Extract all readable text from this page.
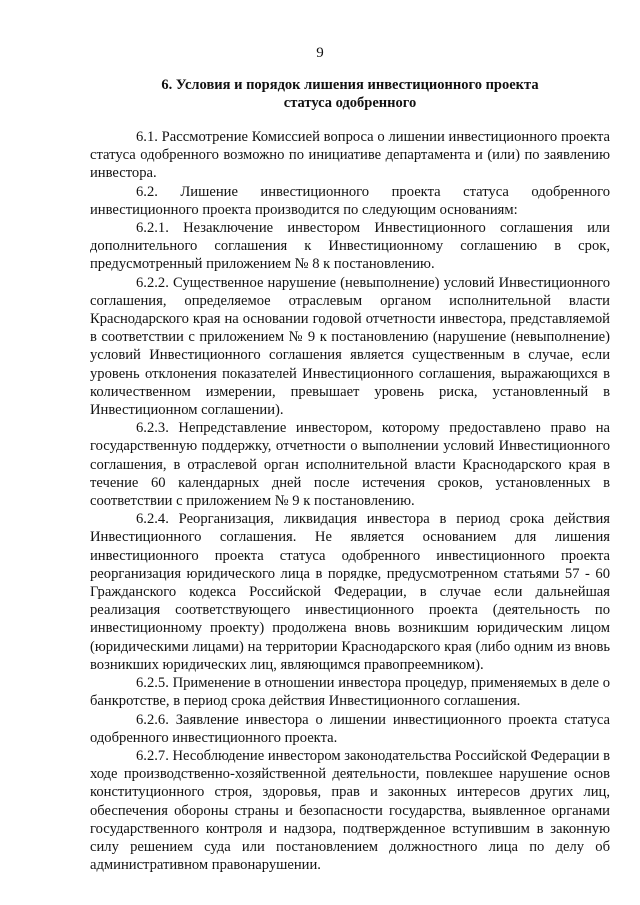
9
6. Условия и порядок лишения инвестиционного проекта
статуса одобренного

6.1. Рассмотрение Комиссией вопроса о лишении инвестиционного проекта статуса одобренного возможно по инициативе департамента и (или) по заявлению инвестора.

6.2. Лишение инвестиционного проекта статуса одобренного инвестиционного проекта производится по следующим основаниям:

6.2.1. Незаключение инвестором Инвестиционного соглашения или дополнительного соглашения к Инвестиционному соглашению в срок, предусмотренный приложением № 8 к постановлению.

6.2.2. Существенное нарушение (невыполнение) условий Инвестиционного соглашения, определяемое отраслевым органом исполнительной власти Краснодарского края на основании годовой отчетности инвестора, представляемой в соответствии с приложением № 9 к постановлению (нарушение (невыполнение) условий Инвестиционного соглашения является существенным в случае, если уровень отклонения показателей Инвестиционного соглашения, выражающихся в количественном измерении, превышает уровень риска, установленный в Инвестиционном соглашении).

6.2.3. Непредставление инвестором, которому предоставлено право на государственную поддержку, отчетности о выполнении условий Инвестиционного соглашения, в отраслевой орган исполнительной власти Краснодарского края в течение 60 календарных дней после истечения сроков, установленных в соответствии с приложением № 9 к постановлению.

6.2.4. Реорганизация, ликвидация инвестора в период срока действия Инвестиционного соглашения. Не является основанием для лишения инвестиционного проекта статуса одобренного инвестиционного проекта реорганизация юридического лица в порядке, предусмотренном статьями 57 - 60 Гражданского кодекса Российской Федерации, в случае если дальнейшая реализация соответствующего инвестиционного проекта (деятельность по инвестиционному проекту) продолжена вновь возникшим юридическим лицом (юридическими лицами) на территории Краснодарского края (либо одним из вновь возникших юридических лиц, являющимся правопреемником).

6.2.5. Применение в отношении инвестора процедур, применяемых в деле о банкротстве, в период срока действия Инвестиционного соглашения.

6.2.6. Заявление инвестора о лишении инвестиционного проекта статуса одобренного инвестиционного проекта.

6.2.7. Несоблюдение инвестором законодательства Российской Федерации в ходе производственно-хозяйственной деятельности, повлекшее нарушение основ конституционного строя, здоровья, прав и законных интересов других лиц, обеспечения обороны страны и безопасности государства, выявленное органами государственного контроля и надзора, подтвержденное вступившим в законную силу решением суда или постановлением должностного лица по делу об административном правонарушении.
